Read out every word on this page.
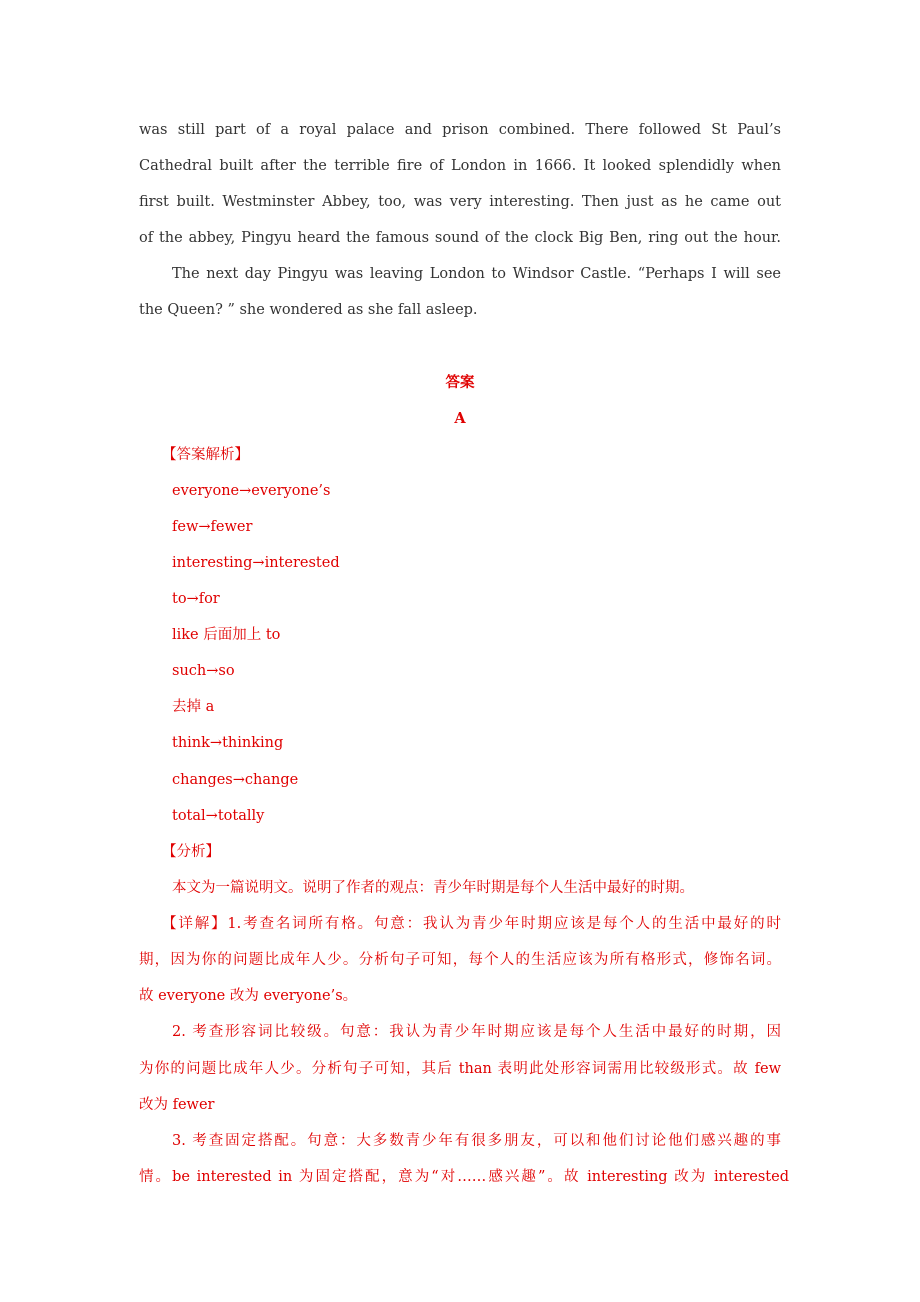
was still part of a royal palace and prison combined. There followed St Paul’s
Cathedral built after the terrible fire of London in 1666. It looked splendidly when
first built. Westminster Abbey, too, was very interesting. Then just as he came out
of the abbey, Pingyu heard the famous sound of the clock Big Ben, ring out the hour.
The next day Pingyu was leaving London to Windsor Castle. “Perhaps I will see
the Queen? ” she wondered as she fall asleep.
答案
A
【答案解析】
everyone→everyone’s
few→fewer
interesting→interested
to→for
like 后面加上 to
such→so
去掉 a
think→thinking
changes→change
total→totally
【分析】
本文为一篇说明文。说明了作者的观点：青少年时期是每个人生活中最好的时期。
【详解】1.考查名词所有格。句意：我认为青少年时期应该是每个人的生活中最好的时
期，因为你的问题比成年人少。分析句子可知，每个人的生活应该为所有格形式，修饰名词。
故 everyone 改为 everyone’s。
2. 考查形容词比较级。句意：我认为青少年时期应该是每个人生活中最好的时期，因
为你的问题比成年人少。分析句子可知，其后 than 表明此处形容词需用比较级形式。故 few
改为 fewer
3. 考查固定搭配。句意：大多数青少年有很多朋友，可以和他们讨论他们感兴趣的事
情。be interested in 为固定搭配，意为“对……感兴趣”。故 interesting 改为 interested
